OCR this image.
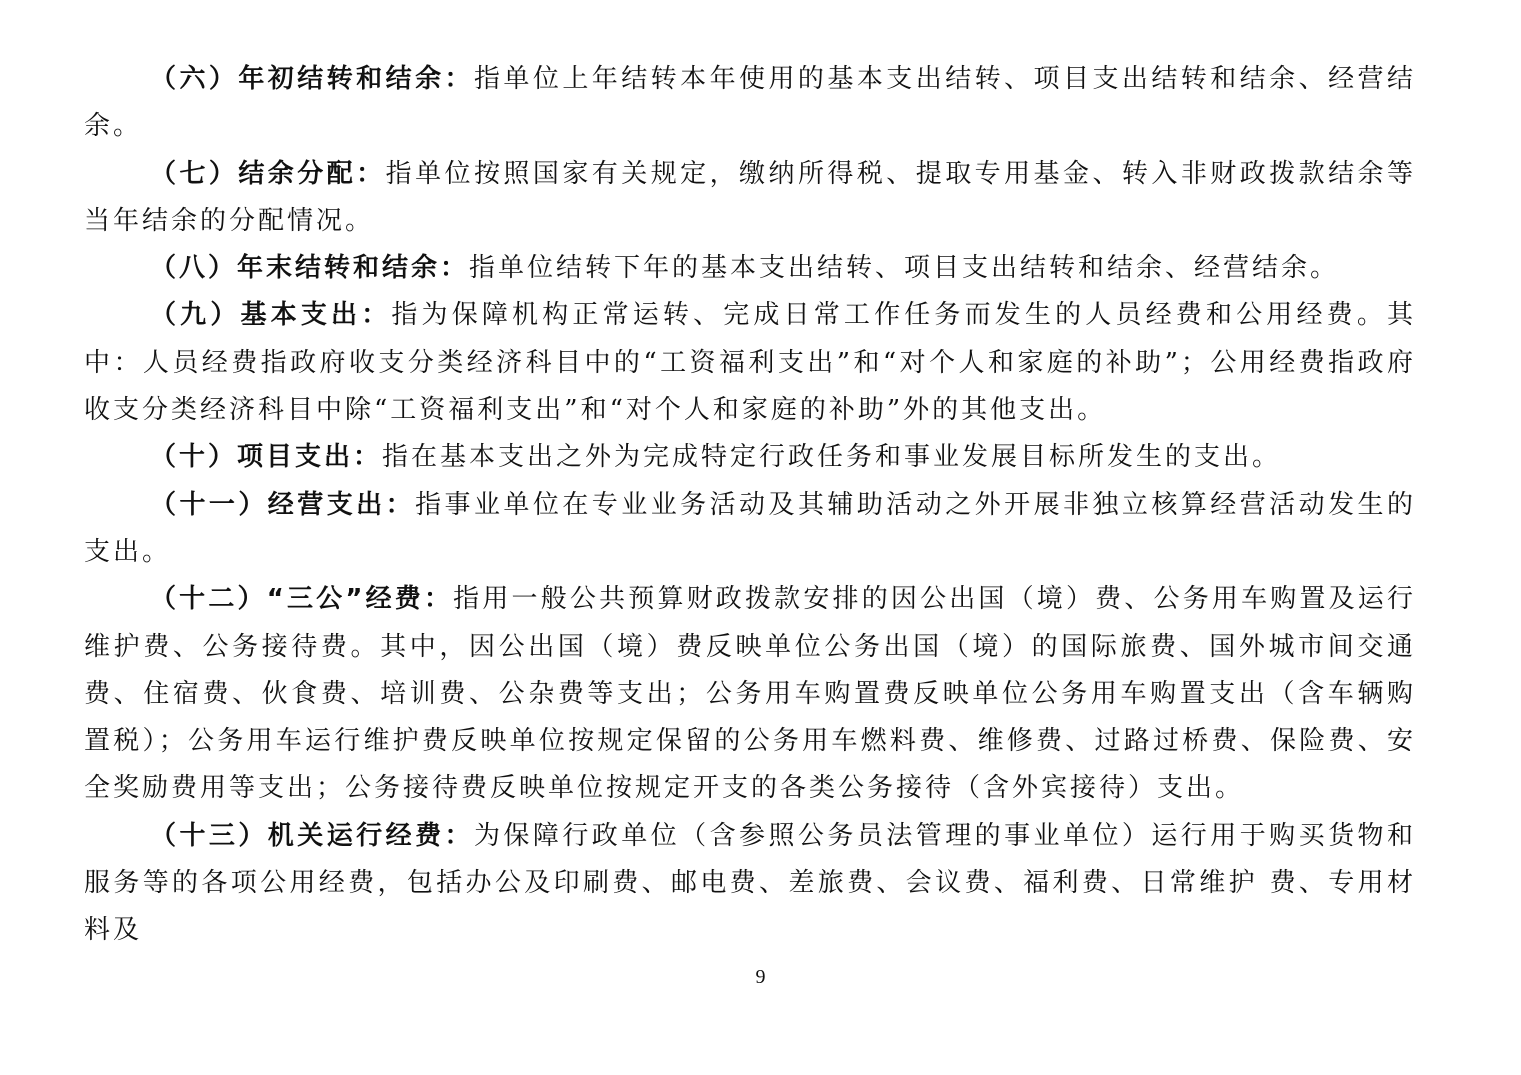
（六）年初结转和结余：指单位上年结转本年使用的基本支出结转、项目支出结转和结余、经营结余。

（七）结余分配：指单位按照国家有关规定，缴纳所得税、提取专用基金、转入非财政拨款结余等当年结余的分配情况。

（八）年末结转和结余：指单位结转下年的基本支出结转、项目支出结转和结余、经营结余。

（九）基本支出：指为保障机构正常运转、完成日常工作任务而发生的人员经费和公用经费。其中：人员经费指政府收支分类经济科目中的“工资福利支出”和“对个人和家庭的补助”；公用经费指政府收支分类经济科目中除“工资福利支出”和“对个人和家庭的补助”外的其他支出。

（十）项目支出：指在基本支出之外为完成特定行政任务和事业发展目标所发生的支出。

（十一）经营支出：指事业单位在专业业务活动及其辅助活动之外开展非独立核算经营活动发生的支出。

（十二）“三公”经费：指用一般公共预算财政拨款安排的因公出国（境）费、公务用车购置及运行维护费、公务接待费。其中，因公出国（境）费反映单位公务出国（境）的国际旅费、国外城市间交通费、住宿费、伙食费、培训费、公杂费等支出；公务用车购置费反映单位公务用车购置支出（含车辆购置税）；公务用车运行维护费反映单位按规定保留的公务用车燃料费、维修费、过路过桥费、保险费、安全奖励费用等支出；公务接待费反映单位按规定开支的各类公务接待（含外宾接待）支出。

（十三）机关运行经费：为保障行政单位（含参照公务员法管理的事业单位）运行用于购买货物和服务等的各项公用经费，包括办公及印刷费、邮电费、差旅费、会议费、福利费、日常维护 费、专用材料及

9
